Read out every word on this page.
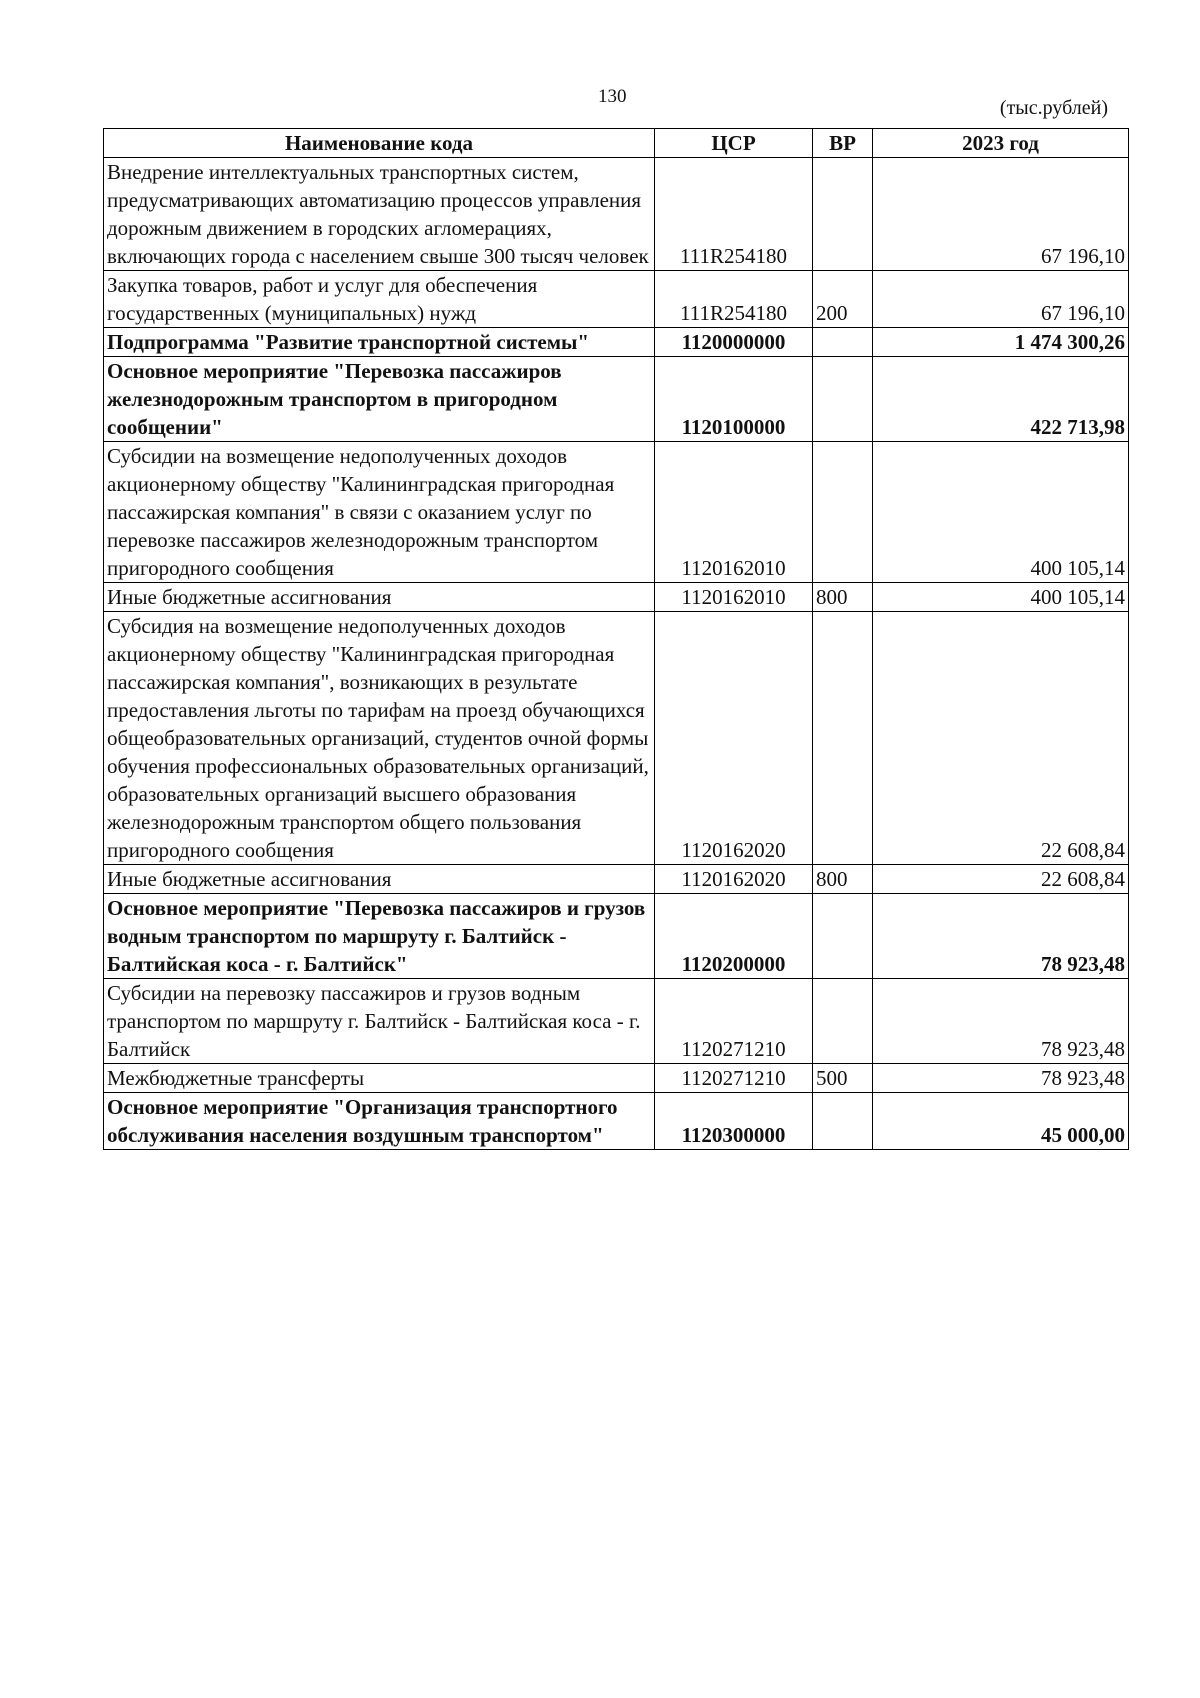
130
(тыс.рублей)
Наименование кода	ЦСР	ВР	2023 год
Внедрение интеллектуальных транспортных систем, предусматривающих автоматизацию процессов управления дорожным движением в городских агломерациях, включающих города с населением свыше 300 тысяч человек	111R254180		67 196,10
Закупка товаров, работ и услуг для обеспечения государственных (муниципальных) нужд	111R254180	200	67 196,10
Подпрограмма "Развитие транспортной системы"	1120000000		1 474 300,26
Основное мероприятие "Перевозка пассажиров железнодорожным транспортом в пригородном сообщении"	1120100000		422 713,98
Субсидии на возмещение недополученных доходов акционерному обществу "Калининградская пригородная пассажирская компания" в связи с оказанием услуг по перевозке пассажиров железнодорожным транспортом пригородного сообщения	1120162010		400 105,14
Иные бюджетные ассигнования	1120162010	800	400 105,14
Субсидия на возмещение недополученных доходов акционерному обществу "Калининградская пригородная пассажирская компания", возникающих в результате предоставления льготы по тарифам на проезд обучающихся общеобразовательных организаций, студентов очной формы обучения профессиональных образовательных организаций, образовательных организаций высшего образования железнодорожным транспортом общего пользования пригородного сообщения	1120162020		22 608,84
Иные бюджетные ассигнования	1120162020	800	22 608,84
Основное мероприятие "Перевозка пассажиров и грузов водным транспортом по маршруту г. Балтийск - Балтийская коса - г. Балтийск"	1120200000		78 923,48
Субсидии на перевозку пассажиров и грузов водным транспортом по маршруту г. Балтийск - Балтийская коса - г. Балтийск	1120271210		78 923,48
Межбюджетные трансферты	1120271210	500	78 923,48
Основное мероприятие "Организация транспортного обслуживания населения воздушным транспортом"	1120300000		45 000,00
